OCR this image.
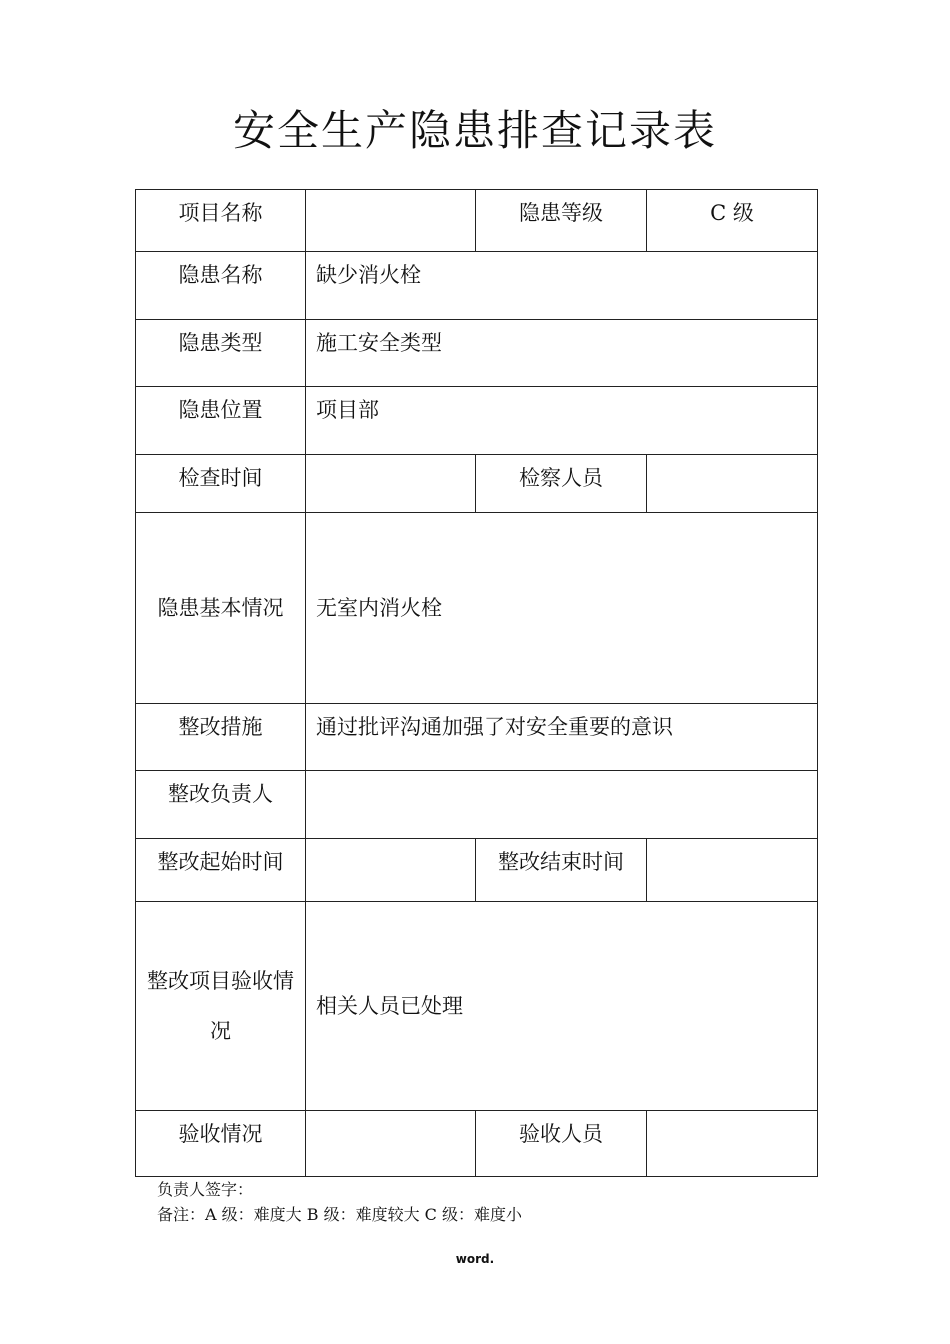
安全生产隐患排查记录表
项目名称		隐患等级	C 级

隐患名称	缺少消火栓		

隐患类型	施工安全类型		

隐患位置	项目部		

检查时间		检察人员	

隐患基本情况	无室内消火栓		

整改措施	通过批评沟通加强了对安全重要的意识		

整改负责人			

整改起始时间		整改结束时间	

整改项目验收情况	相关人员已处理		

验收情况		验收人员	

负责人签字：
备注：A 级：难度大 B 级：难度较大 C 级：难度小
word.
